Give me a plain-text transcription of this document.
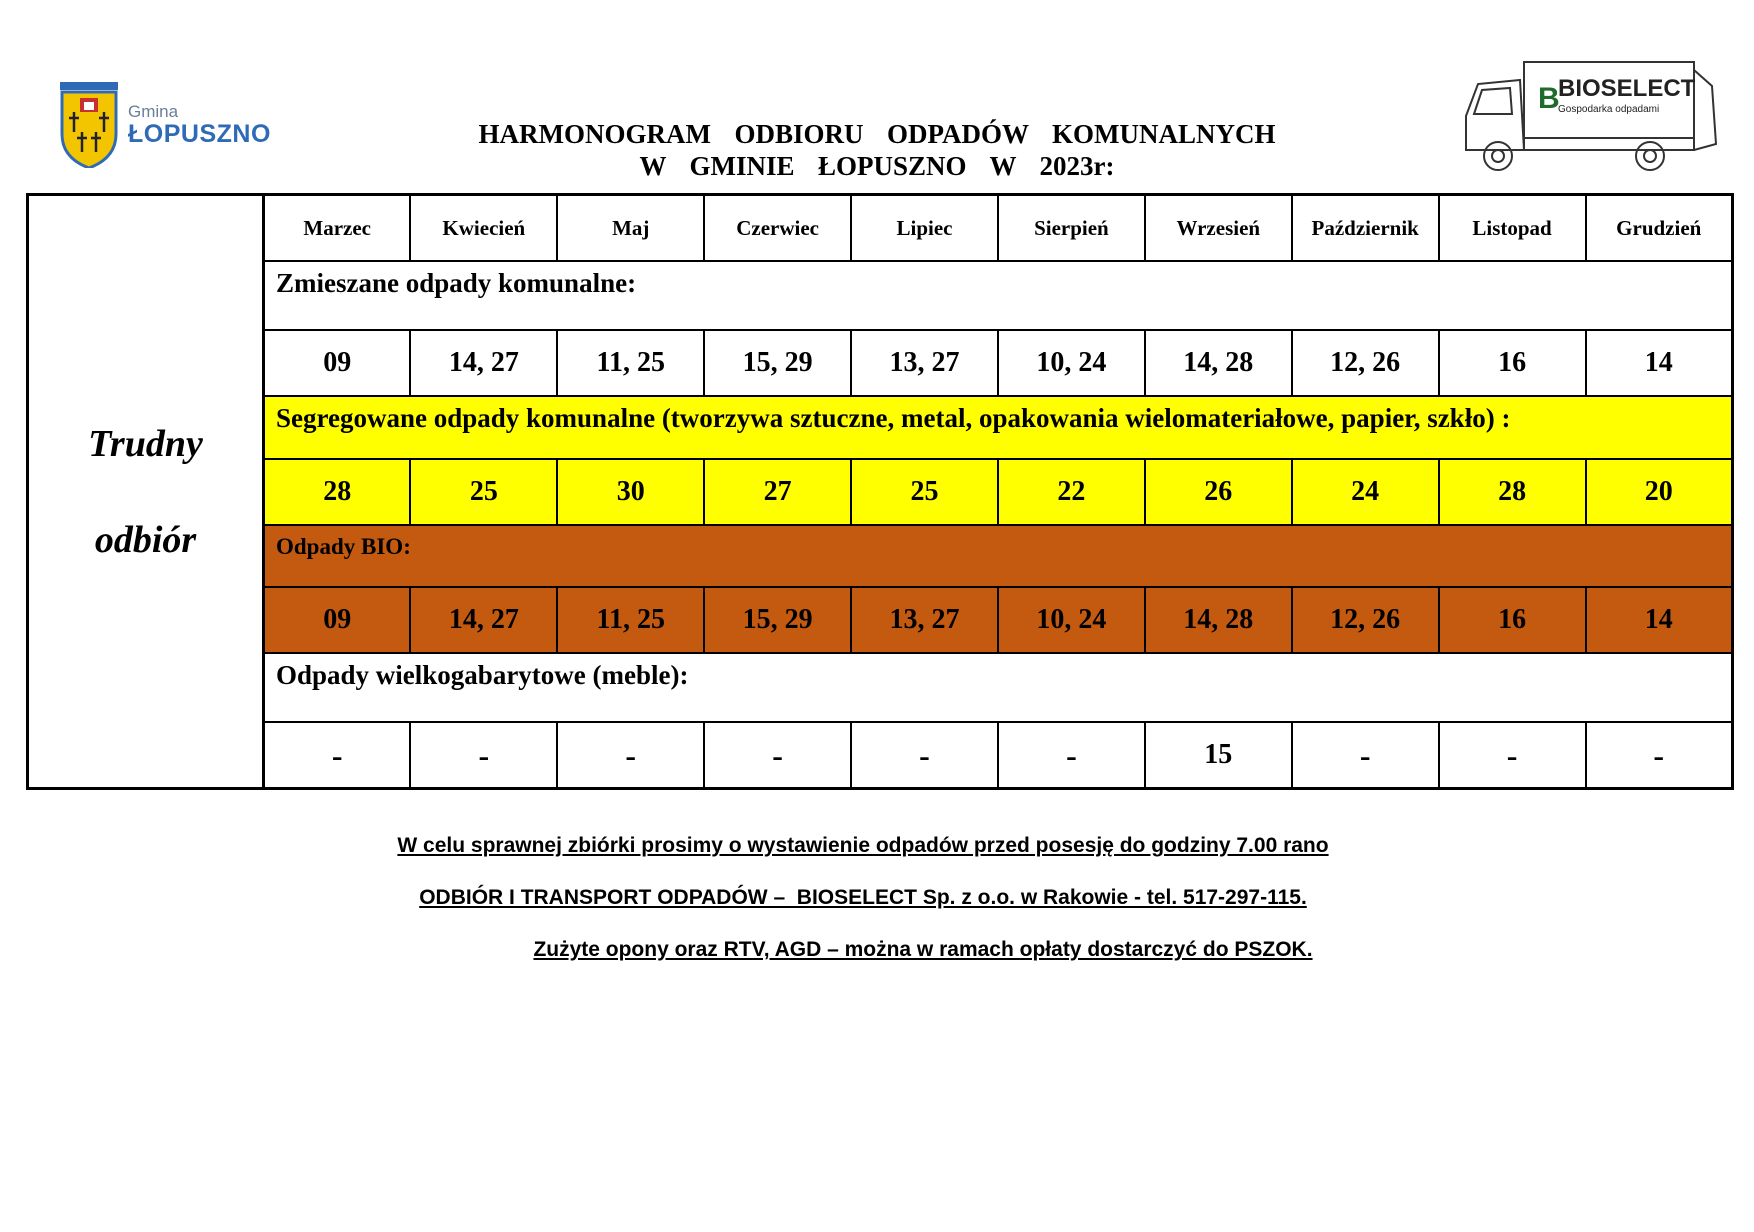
Gmina
ŁOPUSZNO
B
BIOSELECT
Gospodarka odpadami
HARMONOGRAM  ODBIORU  ODPADÓW  KOMUNALNYCH
W  GMINIE  ŁOPUSZNO  W  2023r:
Trudny
odbiór	Marzec	Kwiecień	Maj	Czerwiec	Lipiec	Sierpień	Wrzesień	Październik	Listopad	Grudzień
	Zmieszane odpady komunalne:									
	09	14, 27	11, 25	15, 29	13, 27	10, 24	14, 28	12, 26	16	14
	Segregowane odpady komunalne (tworzywa sztuczne, metal, opakowania wielomateriałowe, papier, szkło) :									
	28	25	30	27	25	22	26	24	28	20
	Odpady BIO:									
	09	14, 27	11, 25	15, 29	13, 27	10, 24	14, 28	12, 26	16	14
	Odpady wielkogabarytowe (meble):									
	-	-	-	-	-	-	15	-	-	-
W celu sprawnej zbiórki prosimy o wystawienie odpadów przed posesję do godziny 7.00 rano
ODBIÓR I TRANSPORT ODPADÓW –  BIOSELECT Sp. z o.o. w Rakowie - tel. 517-297-115.
Zużyte opony oraz RTV, AGD – można w ramach opłaty dostarczyć do PSZOK.
